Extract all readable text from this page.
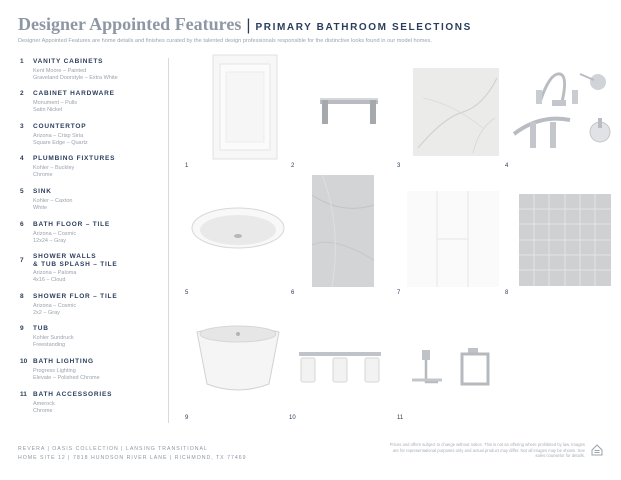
Designer Appointed Features | PRIMARY BATHROOM SELECTIONS
Designer Appointed Features are home details and finishes curated by the talented design professionals responsible for the distinctive looks found in our model homes.
1 VANITY CABINETS
Kent Moore – Painted
Graveland Doorstyle – Extra White
2 CABINET HARDWARE
Monument – Pulls
Satin Nickel
3 COUNTERTOP
Arizona – Crisp Siria
Square Edge – Quartz
4 PLUMBING FIXTURES
Kohler – Buckley
Chrome
5 SINK
Kohler – Caxton
White
6 BATH FLOOR – TILE
Arizona – Cosmic
12x24 – Gray
7
SHOWER WALLS
& TUB SPLASH – TILE
Arizona – Paloma
4x16 – Cloud
8 SHOWER FLOR – TILE
Arizona – Cosmic
2x2 – Gray
9 TUB
Kohler Sundruck
Freestanding
10 BATH LIGHTING
Progress Lighting
Elevate – Polished Chrome
11 BATH ACCESSORIES
Amerock
Chrome
1	2	3	4
5	6	7	8
9	10	11
REVERA | OASIS COLLECTION | LANSING TRANSITIONAL
HOME SITE 12 | 7818 HUNDSON RIVER LANE | RICHMOND, TX 77469
Prices and offers subject to change without notice. This is not an offering where prohibited by law. Images are for representational purposes only and actual product may differ. Not all images may be shown. See sales counselor for details.
